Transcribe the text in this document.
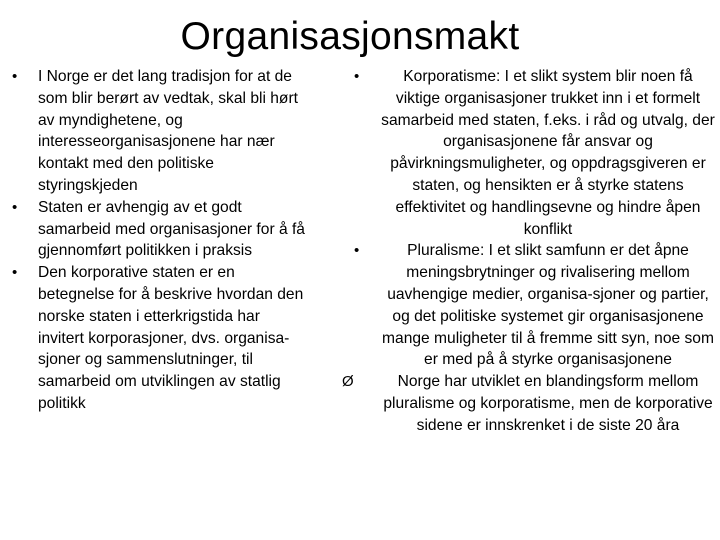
Organisasjonsmakt
• I Norge er det lang tradisjon for at de som blir berørt av vedtak, skal bli hørt av myndighetene, og interesseorganisasjonene har nær kontakt med den politiske styringskjeden
• Staten er avhengig av et godt samarbeid med organisasjoner for å få gjennomført politikken i praksis
• Den korporative staten er en betegnelse for å beskrive hvordan den norske staten i etterkrigstida har invitert korporasjoner, dvs. organisa-sjoner og sammenslutninger, til samarbeid om utviklingen av statlig politikk
•	Korporatisme: I et slikt system blir noen få viktige organisasjoner trukket inn i et formelt samarbeid med staten, f.eks. i råd og utvalg, der organisasjonene får ansvar og påvirkningsmuligheter, og oppdragsgiveren er staten, og hensikten er å styrke statens effektivitet og handlingsevne og hindre åpen konflikt
•	Pluralisme: I et slikt samfunn er det åpne meningsbrytninger og rivalisering mellom uavhengige medier, organisa-sjoner og partier, og det politiske systemet gir organisasjonene mange muligheter til å fremme sitt syn, noe som er med på å styrke organisasjonene
Ø	Norge har utviklet en blandingsform mellom pluralisme og korporatisme, men de korporative sidene er innskrenket i de siste 20 åra
